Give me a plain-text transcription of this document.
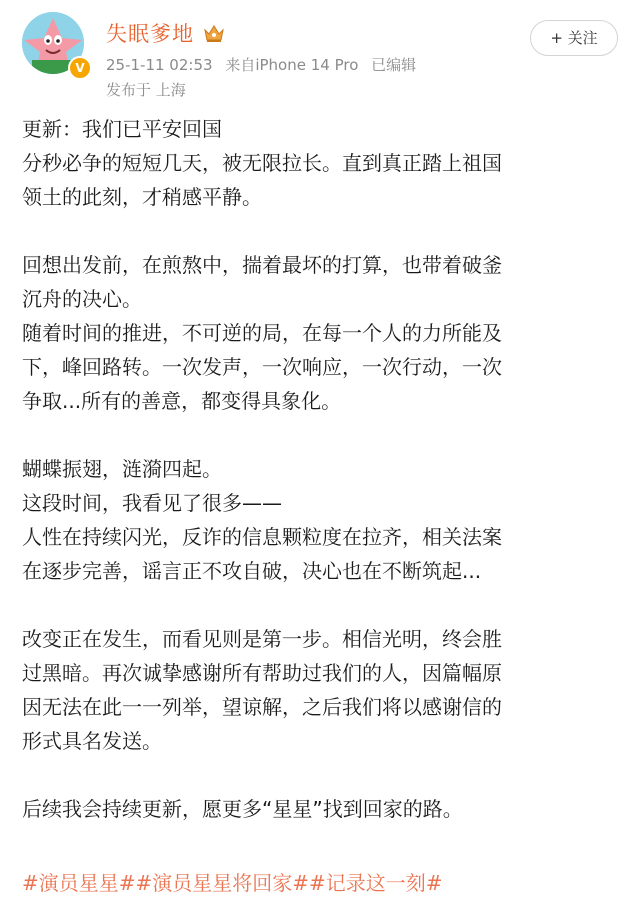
V
失眠爹地
25-1-11 02:53 来自iPhone 14 Pro 已编辑
发布于 上海
+ 关注

更新：我们已平安回国

分秒必争的短短几天，被无限拉长。直到真正踏上祖国

领土的此刻，才稍感平静。

回想出发前，在煎熬中，揣着最坏的打算，也带着破釜

沉舟的决心。

随着时间的推进，不可逆的局，在每一个人的力所能及

下，峰回路转。一次发声，一次响应，一次行动，一次

争取...所有的善意，都变得具象化。

蝴蝶振翅，涟漪四起。

这段时间，我看见了很多——

人性在持续闪光，反诈的信息颗粒度在拉齐，相关法案

在逐步完善，谣言正不攻自破，决心也在不断筑起...

改变正在发生，而看见则是第一步。相信光明，终会胜

过黑暗。再次诚挚感谢所有帮助过我们的人，因篇幅原

因无法在此一一列举，望谅解，之后我们将以感谢信的

形式具名发送。

后续我会持续更新，愿更多“星星”找到回家的路。

#演员星星##演员星星将回家##记录这一刻#
